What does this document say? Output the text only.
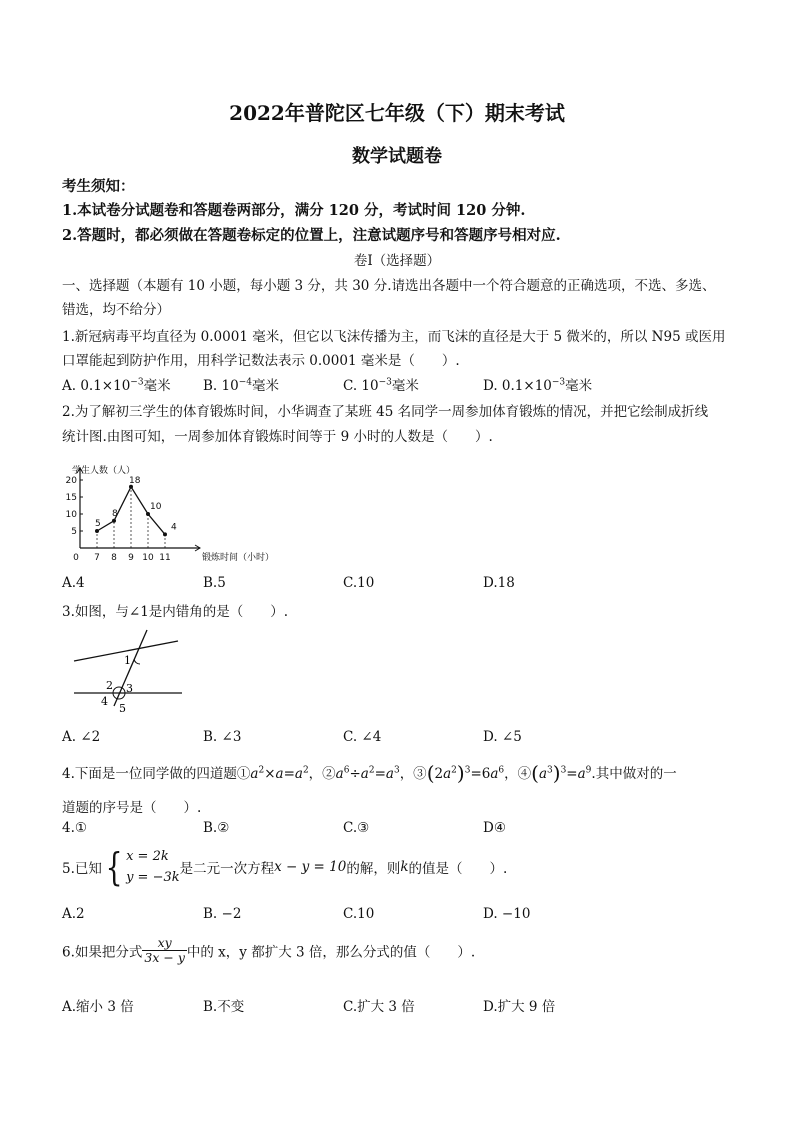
2022年普陀区七年级（下）期末考试
数学试题卷
考生须知：
1.本试卷分试题卷和答题卷两部分，满分 120 分，考试时间 120 分钟.
2.答题时，都必须做在答题卷标定的位置上，注意试题序号和答题序号相对应.
卷Ⅰ（选择题）
一、选择题（本题有 10 小题，每小题 3 分，共 30 分.请选出各题中一个符合题意的正确选项，不选、多选、
错选，均不给分）
1.新冠病毒平均直径为 0.0001 毫米，但它以飞沫传播为主，而飞沫的直径是大于 5 微米的，所以 N95 或医用
口罩能起到防护作用，用科学记数法表示 0.0001 毫米是（　　）.
A. $0.1\times 10^{-3}$毫米 B. $10^{-4}$毫米	C. $10^{-3}$毫米	D. $0.1\times 10^{-3}$毫米
2.为了解初三学生的体育锻炼时间，小华调查了某班 45 名同学一周参加体育锻炼的情况，并把它绘制成折线
统计图.由图可知，一周参加体育锻炼时间等于 9 小时的人数是（　　）.
学生人数（人）
锻炼时间（小时）
5
10
15
20
0 7 8 9 10 11
5
8
18
10
4
A.4	B.5	C.10	D.18
3.如图，与∠1是内错角的是（　　）.
1
2 3
4
5
A. ∠2	B. ∠3	C. ∠4	D. ∠5
4.下面是一位同学做的四道题$①a^2\times a=a^2$，$②a^6\div a^2=a^3$，$③(2a^2)^3=6a^6$，$④(a^3)^3=a^9$.其中做对的一
道题的序号是（　　）.
4.①	B.②	C.③	D④
5.已知{ x = 2k
y = −3k
是二元一次方程x − y = 10的解，则k的值是（　　）.
A.2	B. −2	C.10	D. −10
6.如果把分式 $\frac{xy}{3x - y}$ 中的 x，y 都扩大 3 倍，那么分式的值（　　）.
A.缩小 3 倍	B.不变	C.扩大 3 倍	D.扩大 9 倍
